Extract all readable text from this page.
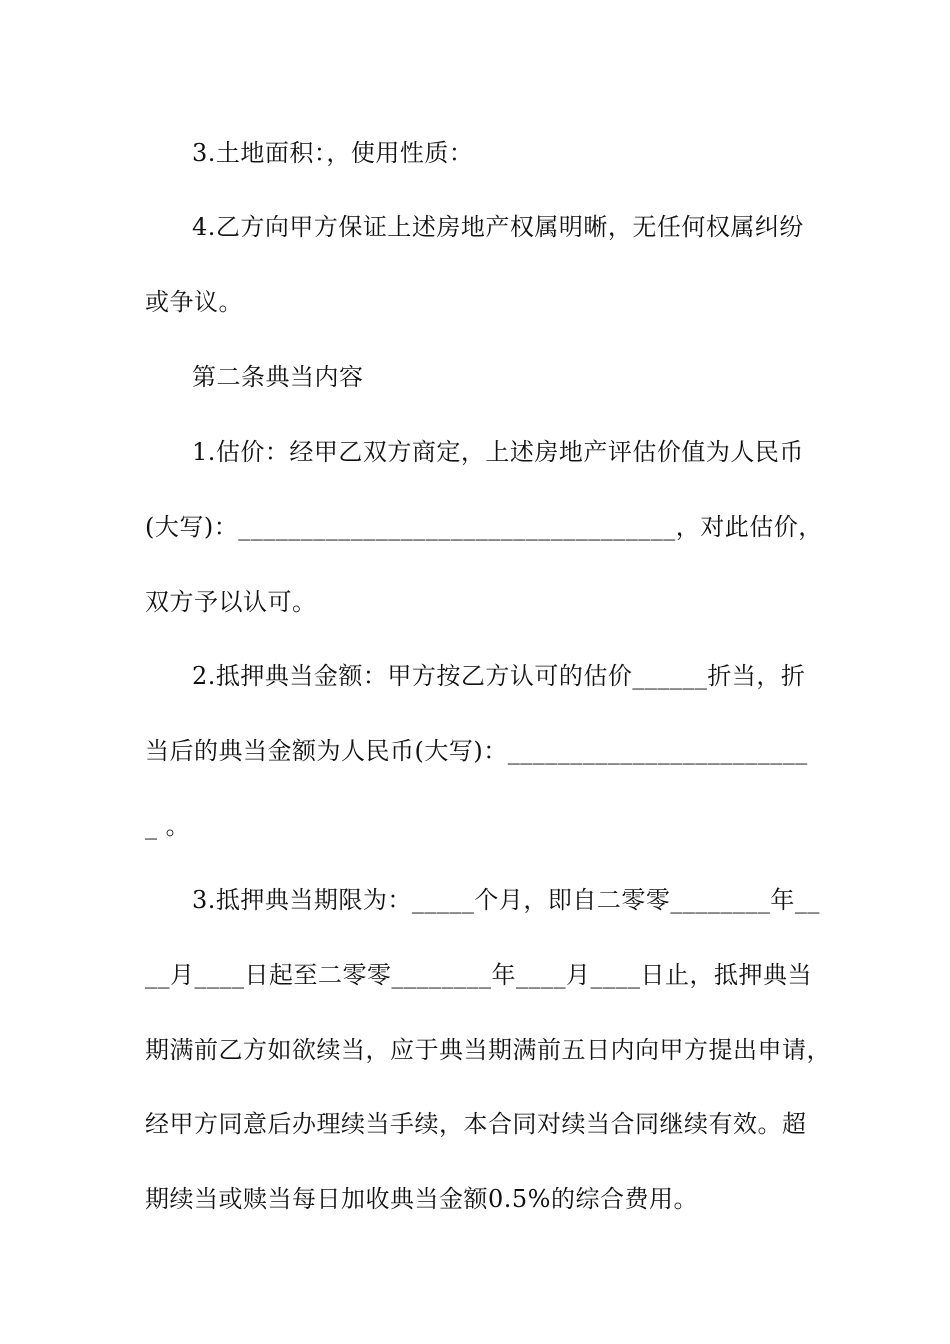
3.土地面积：，使用性质：
4.乙方向甲方保证上述房地产权属明晰，无任何权属纠纷
或争议。
第二条典当内容
1.估价：经甲乙双方商定，上述房地产评估价值为人民币
(大写)：___________________________________，对此估价，
双方予以认可。
2.抵押典当金额：甲方按乙方认可的估价______折当，折
当后的典当金额为人民币(大写)：________________________
_ 。
3.抵押典当期限为：_____个月，即自二零零________年__
__月____日起至二零零________年____月____日止，抵押典当
期满前乙方如欲续当，应于典当期满前五日内向甲方提出申请，
经甲方同意后办理续当手续，本合同对续当合同继续有效。超
期续当或赎当每日加收典当金额0.5%的综合费用。
